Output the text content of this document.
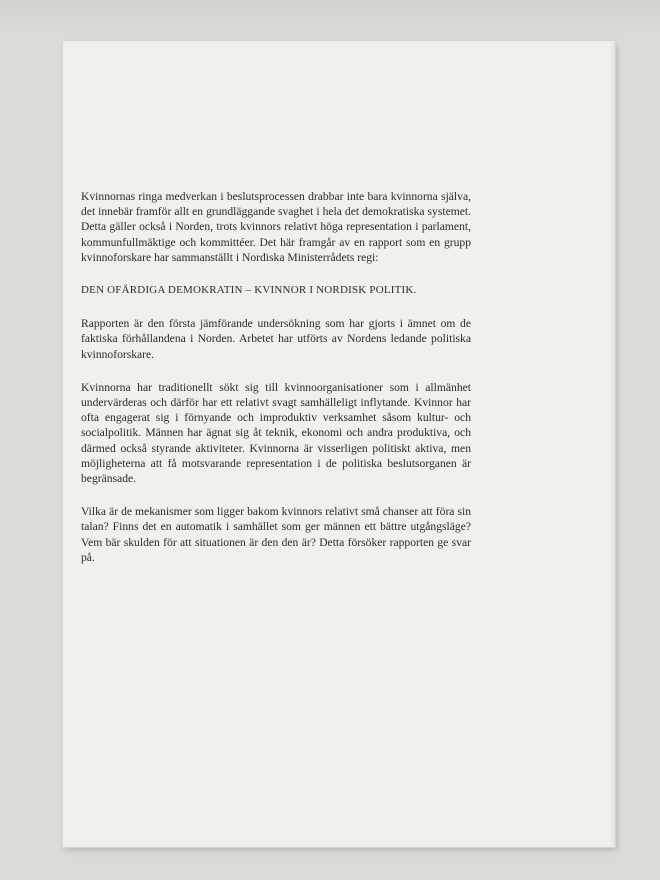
Kvinnornas ringa medverkan i beslutsprocessen drabbar inte bara kvinnorna själva, det innebär framför allt en grundläggande svaghet i hela det demokratiska systemet. Detta gäller också i Norden, trots kvinnors relativt höga representation i parlament, kommunfullmäktige och kommittéer. Det här framgår av en rapport som en grupp kvinnoforskare har sammanställt i Nordiska Ministerrådets regi:

DEN OFÄRDIGA DEMOKRATIN – KVINNOR I NORDISK POLITIK.

Rapporten är den första jämförande undersökning som har gjorts i ämnet om de faktiska förhållandena i Norden. Arbetet har utförts av Nordens ledande politiska kvinnoforskare.

Kvinnorna har traditionellt sökt sig till kvinnoorganisationer som i allmänhet undervärderas och därför har ett relativt svagt samhälleligt inflytande. Kvinnor har ofta engagerat sig i förnyande och improduktiv verksamhet såsom kultur- och socialpolitik. Männen har ägnat sig åt teknik, ekonomi och andra produktiva, och därmed också styrande aktiviteter. Kvinnorna är visserligen politiskt aktiva, men möjligheterna att få motsvarande representation i de politiska beslutsorganen är begränsade.

Vilka är de mekanismer som ligger bakom kvinnors relativt små chanser att föra sin talan? Finns det en automatik i samhället som ger männen ett bättre utgångsläge? Vem bär skulden för att situationen är den den är? Detta försöker rapporten ge svar på.
